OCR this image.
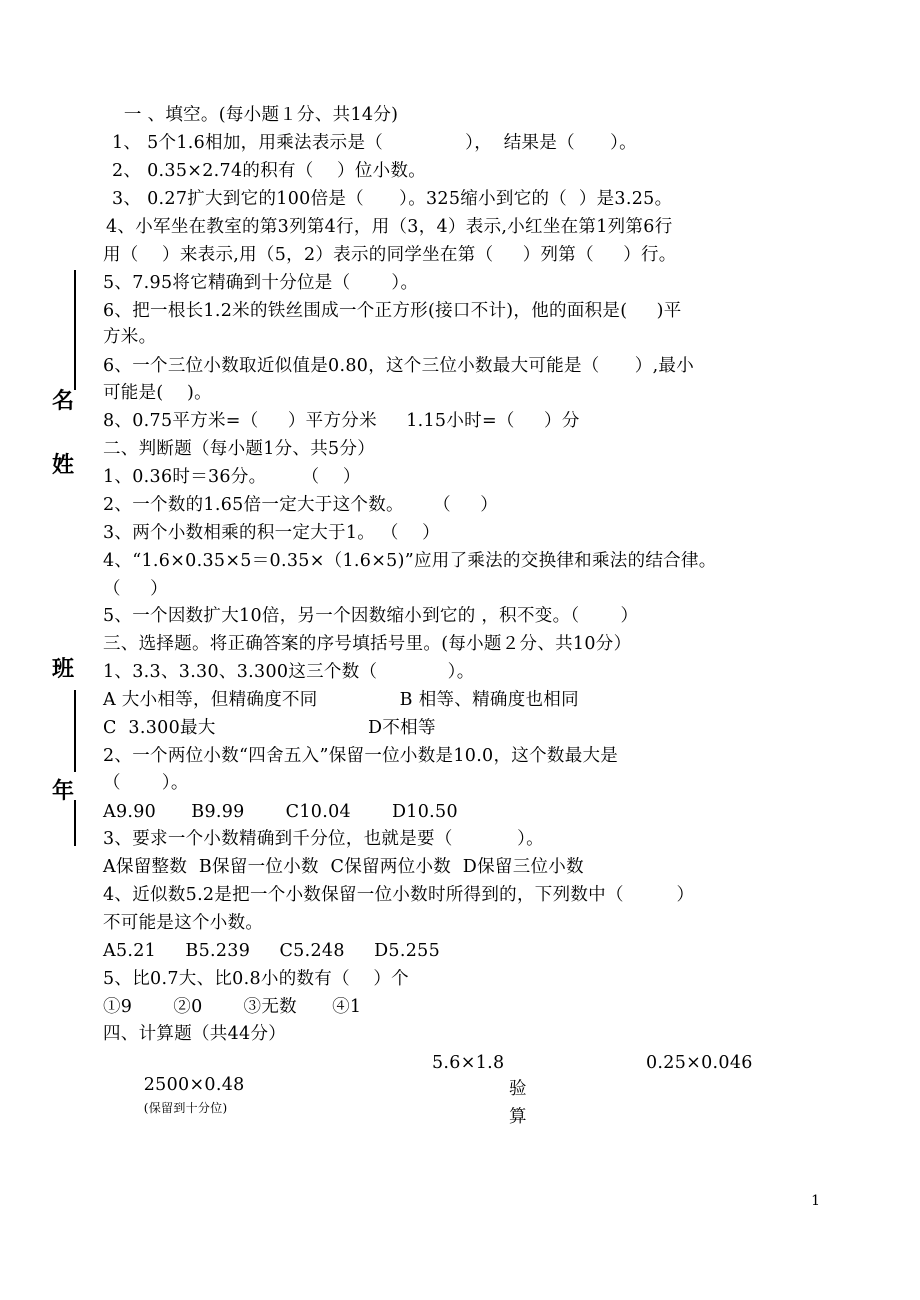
姓
名
年
班
一 、填空。(每小题１分、共14分)
1、 5个1.6相加，用乘法表示是（              ），  结果是（      ）。
2、 0.35×2.74的积有（    ）位小数。
3、 0.27扩大到它的100倍是（      ）。325缩小到它的（  ）是3.25。
4、小军坐在教室的第3列第4行，用（3，4）表示,小红坐在第1列第6行
用（    ）来表示,用（5，2）表示的同学坐在第（     ）列第（     ）行。
5、7.95将它精确到十分位是（       ）。
6、把一根长1.2米的铁丝围成一个正方形(接口不计)，他的面积是(     )平
方米。
6、一个三位小数取近似值是0.80，这个三位小数最大可能是（      ）,最小
可能是(    )。
8、0.75平方米=（     ）平方分米     1.15小时=（     ）分
二、判断题（每小题1分、共5分）
1、0.36时＝36分。      （    ）
2、一个数的1.65倍一定大于这个数。     （     ）
3、两个小数相乘的积一定大于1。 （    ）
4、“1.6×0.35×5＝0.35×（1.6×5)”应用了乘法的交换律和乘法的结合律。
（     ）
5、一个因数扩大10倍，另一个因数缩小到它的 ，积不变。（       ）
三、选择题。将正确答案的序号填括号里。(每小题２分、共10分）
1、3.3、3.30、3.300这三个数（            ）。
A 大小相等，但精确度不同              B 相等、精确度也相同
C  3.300最大                          D不相等
2、一个两位小数“四舍五入”保留一位小数是10.0，这个数最大是
（       ）。
A9.90      B9.99       C10.04       D10.50
3、要求一个小数精确到千分位，也就是要（           ）。
A保留整数  B保留一位小数  C保留两位小数  D保留三位小数
4、近似数5.2是把一个小数保留一位小数时所得到的，下列数中（         ）
不可能是这个小数。
A5.21     B5.239     C5.248     D5.255
5、比0.7大、比0.8小的数有（    ）个
①9       ②0       ③无数      ④1
四、计算题（共44分）

2500×0.48
(保留到十分位)

5.6×1.8	0.25×0.046
验
算
1
